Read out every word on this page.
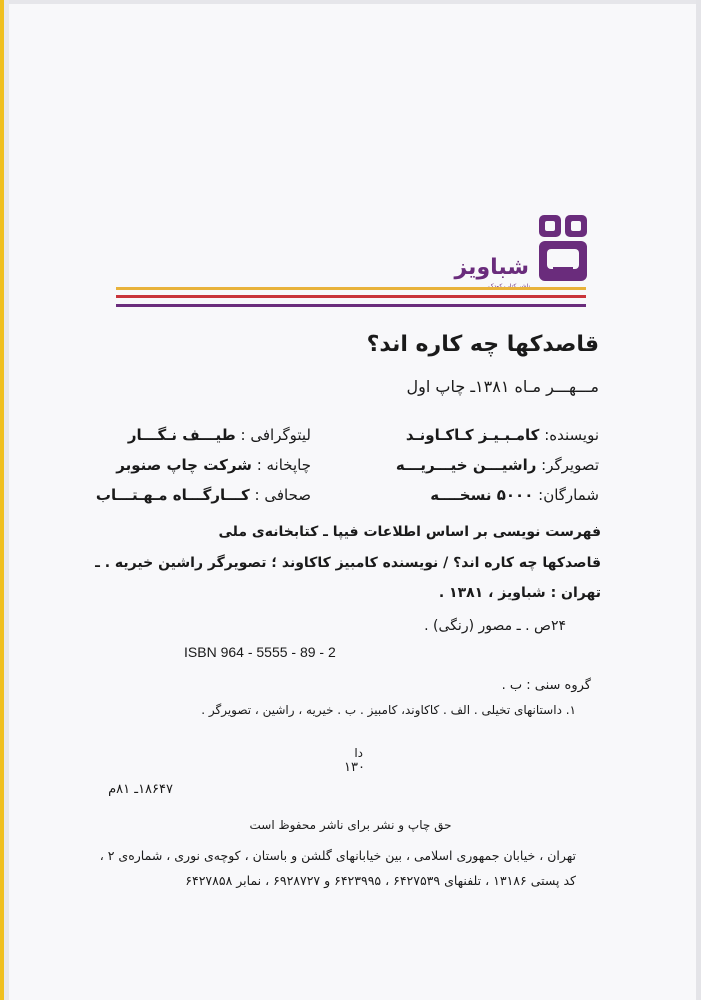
شباویز
قاصدکها چه کاره اند؟
مـــهـــر مـاه ۱۳۸۱ـ چاپ اول
نویسنده: کامـبـیـز کـاکـاونـد
تصویرگر: راشیـــن خیـــریـــه
شمارگان: ۵۰۰۰ نسخــــه
لیتوگرافی : طیـــف نـگـــار
چاپخانه : شرکت چاپ صنوبر
صحافی : کـــارگـــاه مـهـتـــاب
فهرست نویسی بر اساس اطلاعات فیپا ـ کتابخانه‌ی ملی
قاصدکها چه کاره اند؟ / نویسنده کامبیز کاکاوند ؛ تصویرگر راشین خیریه . ـ
تهران : شباویز ، ۱۳۸۱ .
۲۴ص . ـ مصور (رنگی) .
ISBN 964 - 5555 - 89 - 2
گروه سنی : ب .
۱. داستانهای تخیلی . الف . کاکاوند، کامبیز . ب . خیریه ، راشین ، تصویرگر .
دا
۱۳۰
۱۸۶۴۷ـ ۸۱م
حق چاپ و نشر برای ناشر محفوظ است
تهران ، خیابان جمهوری اسلامی ، بین خیابانهای گلشن و باستان ، کوچه‌ی نوری ، شماره‌ی ۲ ،
کد پستی ۱۳۱۸۶ ، تلفنهای ۶۴۲۷۵۳۹ ، ۶۴۲۳۹۹۵ و ۶۹۲۸۷۲۷ ، نمابر ۶۴۲۷۸۵۸
